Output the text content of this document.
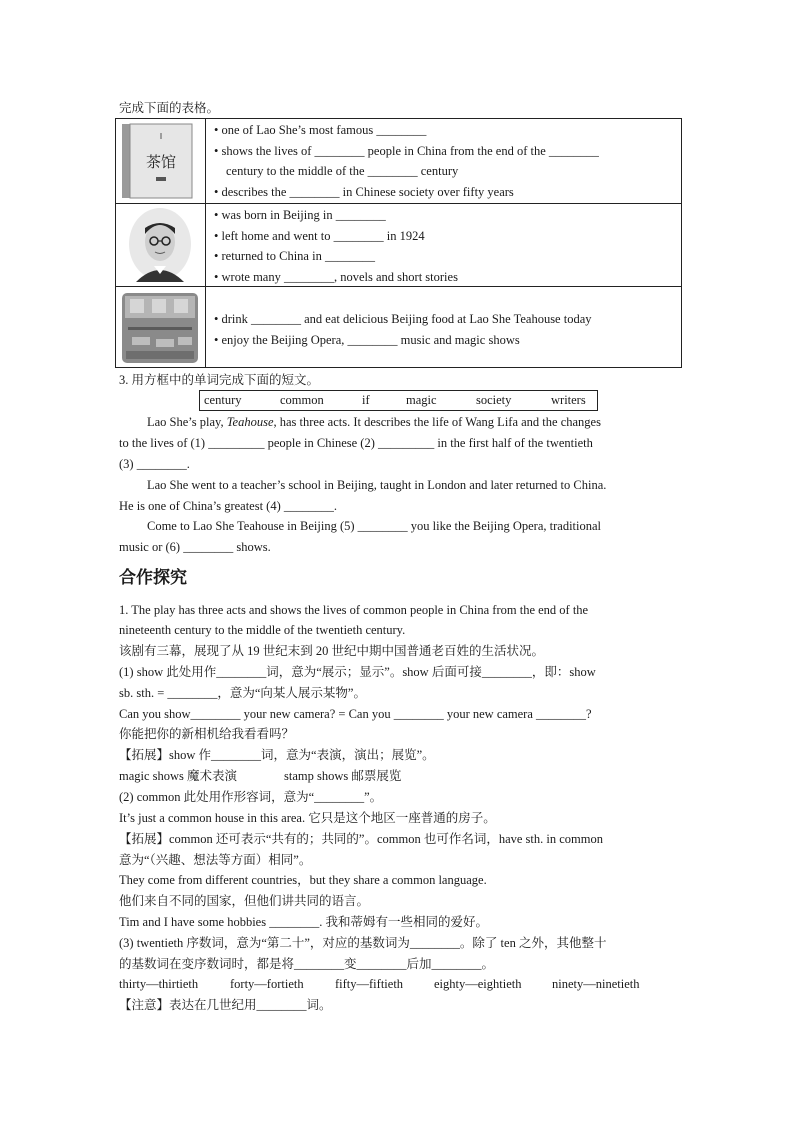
完成下面的表格。
茶馆
• one of Lao She’s most famous ________
• shows the lives of ________ people in China from the end of the ________
century to the middle of the ________ century
• describes the ________ in Chinese society over fifty years
• was born in Beijing in ________
• left home and went to ________ in 1924
• returned to China in ________
• wrote many ________, novels and short stories
• drink ________ and eat delicious Beijing food at Lao She Teahouse today
• enjoy the Beijing Opera, ________ music and magic shows
3. 用方框中的单词完成下面的短文。
century	common	if	magic	society	writers
Lao She’s play, Teahouse, has three acts. It describes the life of Wang Lifa and the changes
to the lives of (1) _________ people in Chinese (2) _________ in the first half of the twentieth
(3) ________.
Lao She went to a teacher’s school in Beijing, taught in London and later returned to China.
He is one of China’s greatest (4) ________.
Come to Lao She Teahouse in Beijing (5) ________ you like the Beijing Opera, traditional
music or (6) ________ shows.
合作探究
1. The play has three acts and shows the lives of common people in China from the end of the
nineteenth century to the middle of the twentieth century.
该剧有三幕，展现了从 19 世纪末到 20 世纪中期中国普通老百姓的生活状况。
(1) show 此处用作________词，意为“展示；显示”。show 后面可接________，即：show
sb. sth. = ________，意为“向某人展示某物”。
Can you show________ your new camera? = Can you ________ your new camera ________?
你能把你的新相机给我看看吗？
【拓展】show 作________词，意为“表演，演出；展览”。
magic shows 魔术表演	stamp shows 邮票展览
(2) common 此处用作形容词，意为“________”。
It’s just a common house in this area. 它只是这个地区一座普通的房子。
【拓展】common 还可表示“共有的；共同的”。common 也可作名词，have sth. in common
意为“（兴趣、想法等方面）相同”。
They come from different countries，but they share a common language.
他们来自不同的国家，但他们讲共同的语言。
Tim and I have some hobbies ________. 我和蒂姆有一些相同的爱好。
(3) twentieth 序数词，意为“第二十”，对应的基数词为________。除了 ten 之外，其他整十
的基数词在变序数词时，都是将________变________后加________。
thirty—thirtieth	forty—fortieth	fifty—fiftieth eighty—eightieth ninety—ninetieth
【注意】表达在几世纪用________词。
